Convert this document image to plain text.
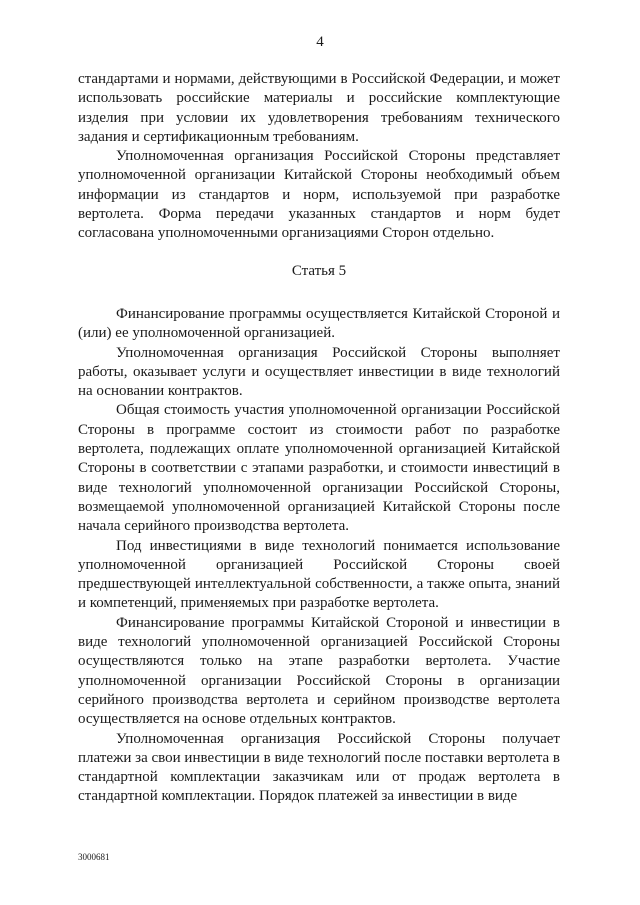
4

стандартами и нормами, действующими в Российской Федерации, и может использовать российские материалы и российские комплектующие изделия при условии их удовлетворения требованиям технического задания и сертификационным требованиям.

Уполномоченная организация Российской Стороны представляет уполномоченной организации Китайской Стороны необходимый объем информации из стандартов и норм, используемой при разработке вертолета. Форма передачи указанных стандартов и норм будет согласована уполномоченными организациями Сторон отдельно.

Статья 5

Финансирование программы осуществляется Китайской Стороной и (или) ее уполномоченной организацией.

Уполномоченная организация Российской Стороны выполняет работы, оказывает услуги и осуществляет инвестиции в виде технологий на основании контрактов.

Общая стоимость участия уполномоченной организации Российской Стороны в программе состоит из стоимости работ по разработке вертолета, подлежащих оплате уполномоченной организацией Китайской Стороны в соответствии с этапами разработки, и стоимости инвестиций в виде технологий уполномоченной организации Российской Стороны, возмещаемой уполномоченной организацией Китайской Стороны после начала серийного производства вертолета.

Под инвестициями в виде технологий понимается использование уполномоченной организацией Российской Стороны своей предшествующей интеллектуальной собственности, а также опыта, знаний и компетенций, применяемых при разработке вертолета.

Финансирование программы Китайской Стороной и инвестиции в виде технологий уполномоченной организацией Российской Стороны осуществляются только на этапе разработки вертолета. Участие уполномоченной организации Российской Стороны в организации серийного производства вертолета и серийном производстве вертолета осуществляется на основе отдельных контрактов.

Уполномоченная организация Российской Стороны получает платежи за свои инвестиции в виде технологий после поставки вертолета в стандартной комплектации заказчикам или от продаж вертолета в стандартной комплектации. Порядок платежей за инвестиции в виде

3000681
